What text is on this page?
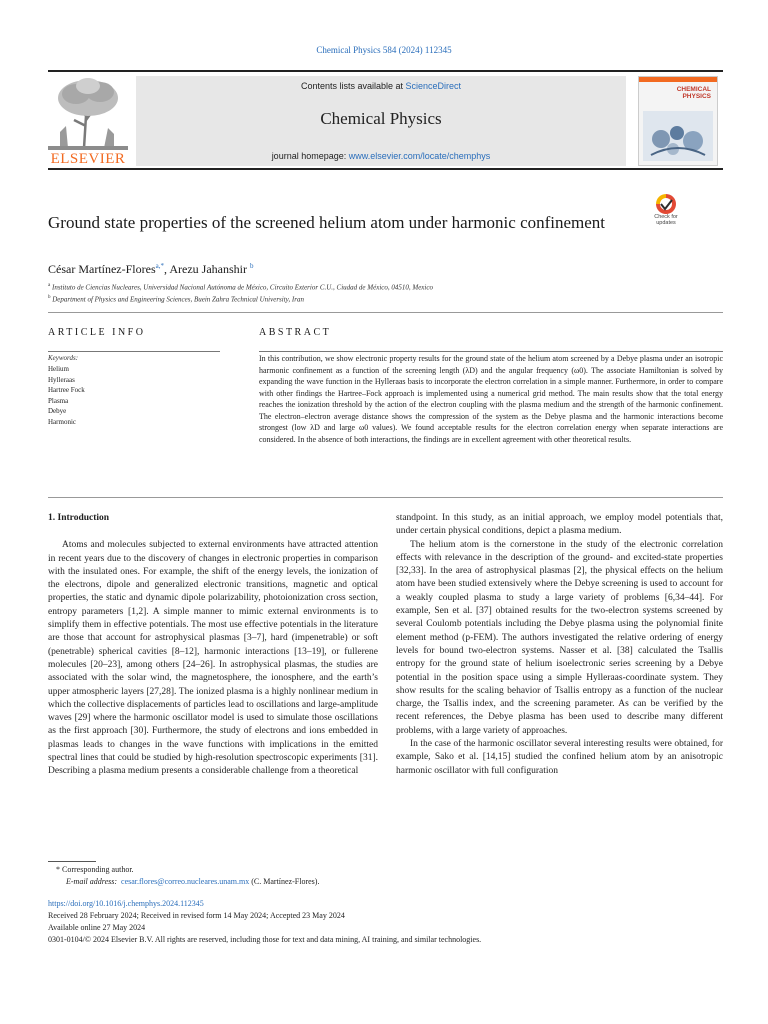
Chemical Physics 584 (2024) 112345
ELSEVIER
Contents lists available at ScienceDirect
Chemical Physics
journal homepage: www.elsevier.com/locate/chemphys
CHEMICAL
PHYSICS
Ground state properties of the screened helium atom under harmonic confinement	Check for
updates
César Martínez-Flores$^{a,*}$, Arezu Jahanshir $^b$
$^a$ Instituto de Ciencias Nucleares, Universidad Nacional Autónoma de México, Circuito Exterior C.U., Ciudad de México, 04510, Mexico
$^b$ Department of Physics and Engineering Sciences, Buein Zahra Technical University, Iran
ARTICLE INFO	ABSTRACT
Keywords:
Helium
Hylleraas
Hartree Fock
Plasma
Debye
Harmonic
In this contribution, we show electronic property results for the ground state of the helium atom screened by a Debye plasma under an isotropic harmonic confinement as a function of the screening length (λD) and the angular frequency (ω0). The associate Hamiltonian is solved by expanding the wave function in the Hylleraas basis to incorporate the electron correlation in a simple manner. Furthermore, in order to compare with other findings the Hartree–Fock approach is implemented using a numerical grid method. The main results show that the total energy reaches the ionization threshold by the action of the electron coupling with the plasma medium and the strength of the harmonic confinement. The electron–electron average distance shows the compression of the system as the Debye plasma and the harmonic interactions become strongest (low λD and large ω0 values). We found acceptable results for the electron correlation energy when separate interactions are considered. In the absence of both interactions, the findings are in excellent agreement with other theoretical results.

1. Introduction

Atoms and molecules subjected to external environments have attracted attention in recent years due to the discovery of changes in electronic properties in comparison with the insulated ones. For example, the shift of the energy levels, the ionization of the electrons, dipole and generalized electronic transitions, magnetic and optical properties, the static and dynamic dipole polarizability, photoionization cross section, entropy parameters [1,2]. A simple manner to mimic external environments is to simplify them in effective potentials. The most use effective potentials in the literature are those that account for astrophysical plasmas [3–7], hard (impenetrable) or soft (penetrable) spherical cavities [8–12], harmonic interactions [13–19], or fullerene molecules [20–23], among others [24–26]. In astrophysical plasmas, the studies are associated with the solar wind, the magnetosphere, the ionosphere, and the earth’s upper atmospheric layers [27,28]. The ionized plasma is a highly nonlinear medium in which the collective displacements of particles lead to oscillations and large-amplitude waves [29] where the harmonic oscillator model is used to simulate those oscillations as the first approach [30]. Furthermore, the study of electrons and ions embedded in plasmas leads to changes in the wave functions with implications in the emitted spectral lines that could be studied by high-resolution spectroscopic experiments [31]. Describing a plasma medium presents a considerable challenge from a theoretical

standpoint. In this study, as an initial approach, we employ model potentials that, under certain physical conditions, depict a plasma medium.

The helium atom is the cornerstone in the study of the electronic correlation effects with relevance in the description of the ground- and excited-state properties [32,33]. In the area of astrophysical plasmas [2], the physical effects on the helium atom have been studied extensively where the Debye screening is used to account for a weakly coupled plasma to study a large variety of problems [6,34–44]. For example, Sen et al. [37] obtained results for the two-electron systems screened by several Coulomb potentials including the Debye plasma using the polynomial finite element method (p-FEM). The authors investigated the relative ordering of energy levels for bound two-electron systems. Nasser et al. [38] calculated the Tsallis entropy for the ground state of helium isoelectronic series screening by a Debye potential in the position space using a simple Hylleraas-coordinate system. They show results for the scaling behavior of Tsallis entropy as a function of the nuclear charge, the Tsallis index, and the screening parameter. As can be verified by the recent references, the Debye plasma has been used to describe many different problems, with a large variety of approaches.

In the case of the harmonic oscillator several interesting results were obtained, for example, Sako et al. [14,15] studied the confined helium atom by an anisotropic harmonic oscillator with full configuration

* Corresponding author.
E-mail address: cesar.flores@correo.nucleares.unam.mx (C. Martínez-Flores).
https://doi.org/10.1016/j.chemphys.2024.112345
Received 28 February 2024; Received in revised form 14 May 2024; Accepted 23 May 2024
Available online 27 May 2024
0301-0104/© 2024 Elsevier B.V. All rights are reserved, including those for text and data mining, AI training, and similar technologies.
